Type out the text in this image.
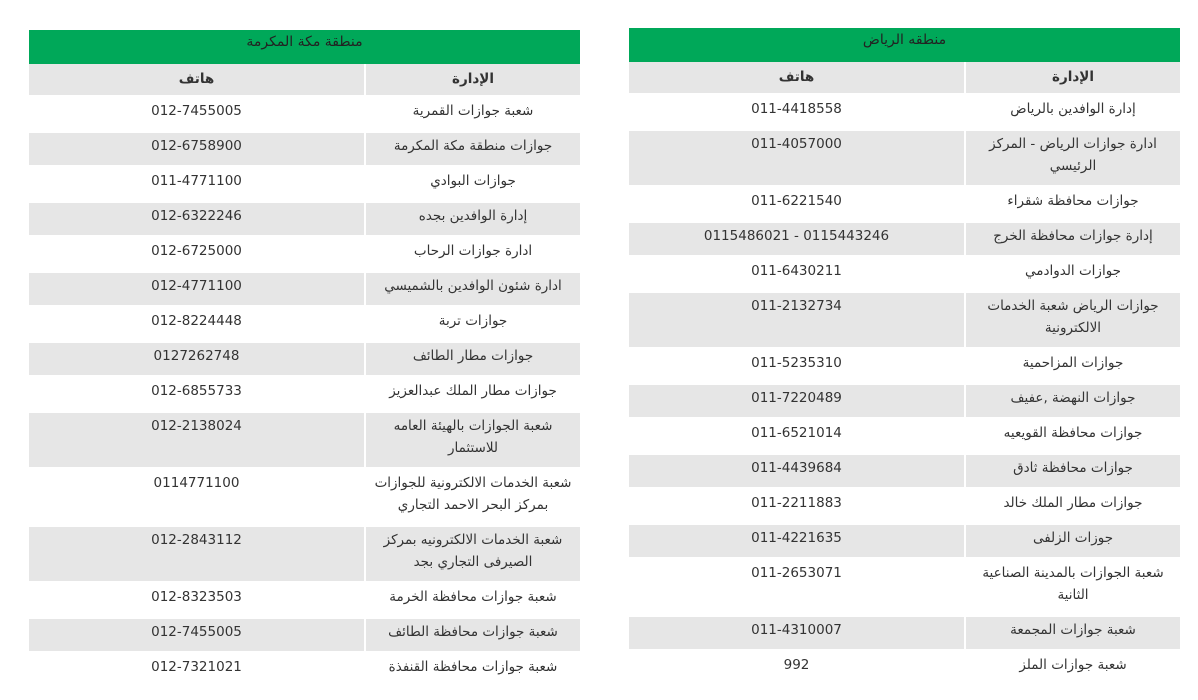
منطقة مكة المكرمة
الإدارة
هاتف
شعبة جوازات القمرية
012-7455005
جوازات منطقة مكة المكرمة
012-6758900
جوازات البوادي
011-4771100
إدارة الوافدين بجده
012-6322246
ادارة جوازات الرحاب
012-6725000
ادارة شئون الوافدين بالشميسي
012-4771100
جوازات تربة
012-8224448
جوازات مطار الطائف
0127262748
جوازات مطار الملك عبدالعزيز
012-6855733
شعبة الجوازات بالهيئة العامه للاستثمار
012-2138024
شعبة الخدمات الالكترونية للجوازات بمركز البحر الاحمد التجاري
0114771100
شعبة الخدمات الالكترونيه بمركز الصيرفى التجاري بجد
012-2843112
شعبة جوازات محافظة الخرمة
012-8323503
شعبة جوازات محافظة الطائف
012-7455005
شعبة جوازات محافظة القنفذة
012-7321021
منطقه الرياض
الإدارة
هاتف
إدارة الوافدين بالرياض
011-4418558
ادارة جوازات الرياض - المركز الرئيسي
011-4057000
جوازات محافظة شقراء
011-6221540
إدارة جوازات محافظة الخرج
0115486021 - 0115443246
جوازات الدوادمي
011-6430211
جوازات الرياض شعبة الخدمات الالكترونية
011-2132734
جوازات المزاحمية
011-5235310
جوازات النهضة ,عفيف
011-7220489
جوازات محافظة القويعيه
011-6521014
جوازات محافظة ثادق
011-4439684
جوازات مطار الملك خالد
011-2211883
جوزات الزلفى
011-4221635
شعبة الجوازات بالمدينة الصناعية الثانية
011-2653071
شعبة جوازات المجمعة
011-4310007
شعبة جوازات الملز
992
